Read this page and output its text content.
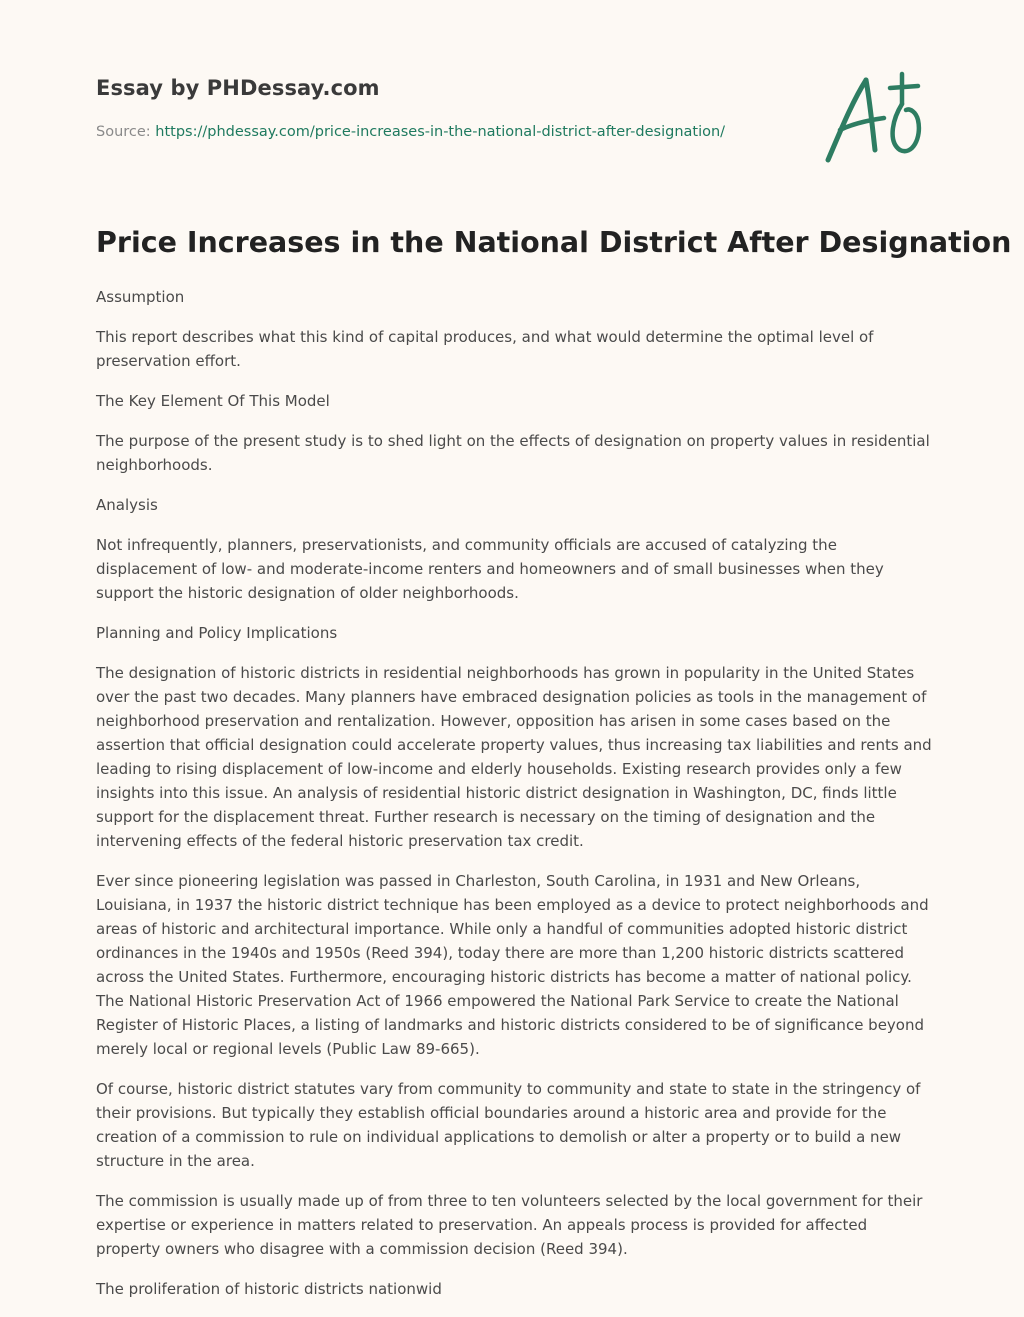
Essay by PHDessay.com
Source: https://phdessay.com/price-increases-in-the-national-district-after-designation/
Price Increases in the National District After Designation

Assumption

This report describes what this kind of capital produces, and what would determine the optimal level of preservation effort.

The Key Element Of This Model

The purpose of the present study is to shed light on the effects of designation on property values in residential neighborhoods.

Analysis

Not infrequently, planners, preservationists, and community officials are accused of catalyzing the displacement of low- and moderate-income renters and homeowners and of small businesses when they support the historic designation of older neighborhoods.

Planning and Policy Implications

The designation of historic districts in residential neighborhoods has grown in popularity in the United States over the past two decades. Many planners have embraced designation policies as tools in the management of neighborhood preservation and rentalization. However, opposition has arisen in some cases based on the assertion that official designation could accelerate property values, thus increasing tax liabilities and rents and leading to rising displacement of low-income and elderly households. Existing research provides only a few insights into this issue. An analysis of residential historic district designation in Washington, DC, finds little support for the displacement threat. Further research is necessary on the timing of designation and the intervening effects of the federal historic preservation tax credit.

Ever since pioneering legislation was passed in Charleston, South Carolina, in 1931 and New Orleans, Louisiana, in 1937 the historic district technique has been employed as a device to protect neighborhoods and areas of historic and architectural importance. While only a handful of communities adopted historic district ordinances in the 1940s and 1950s (Reed 394), today there are more than 1,200 historic districts scattered across the United States. Furthermore, encouraging historic districts has become a matter of national policy. The National Historic Preservation Act of 1966 empowered the National Park Service to create the National Register of Historic Places, a listing of landmarks and historic districts considered to be of significance beyond merely local or regional levels (Public Law 89-665).

Of course, historic district statutes vary from community to community and state to state in the stringency of their provisions. But typically they establish official boundaries around a historic area and provide for the creation of a commission to rule on individual applications to demolish or alter a property or to build a new structure in the area.

The commission is usually made up of from three to ten volunteers selected by the local government for their expertise or experience in matters related to preservation. An appeals process is provided for affected property owners who disagree with a commission decision (Reed 394).

The proliferation of historic districts nationwid
